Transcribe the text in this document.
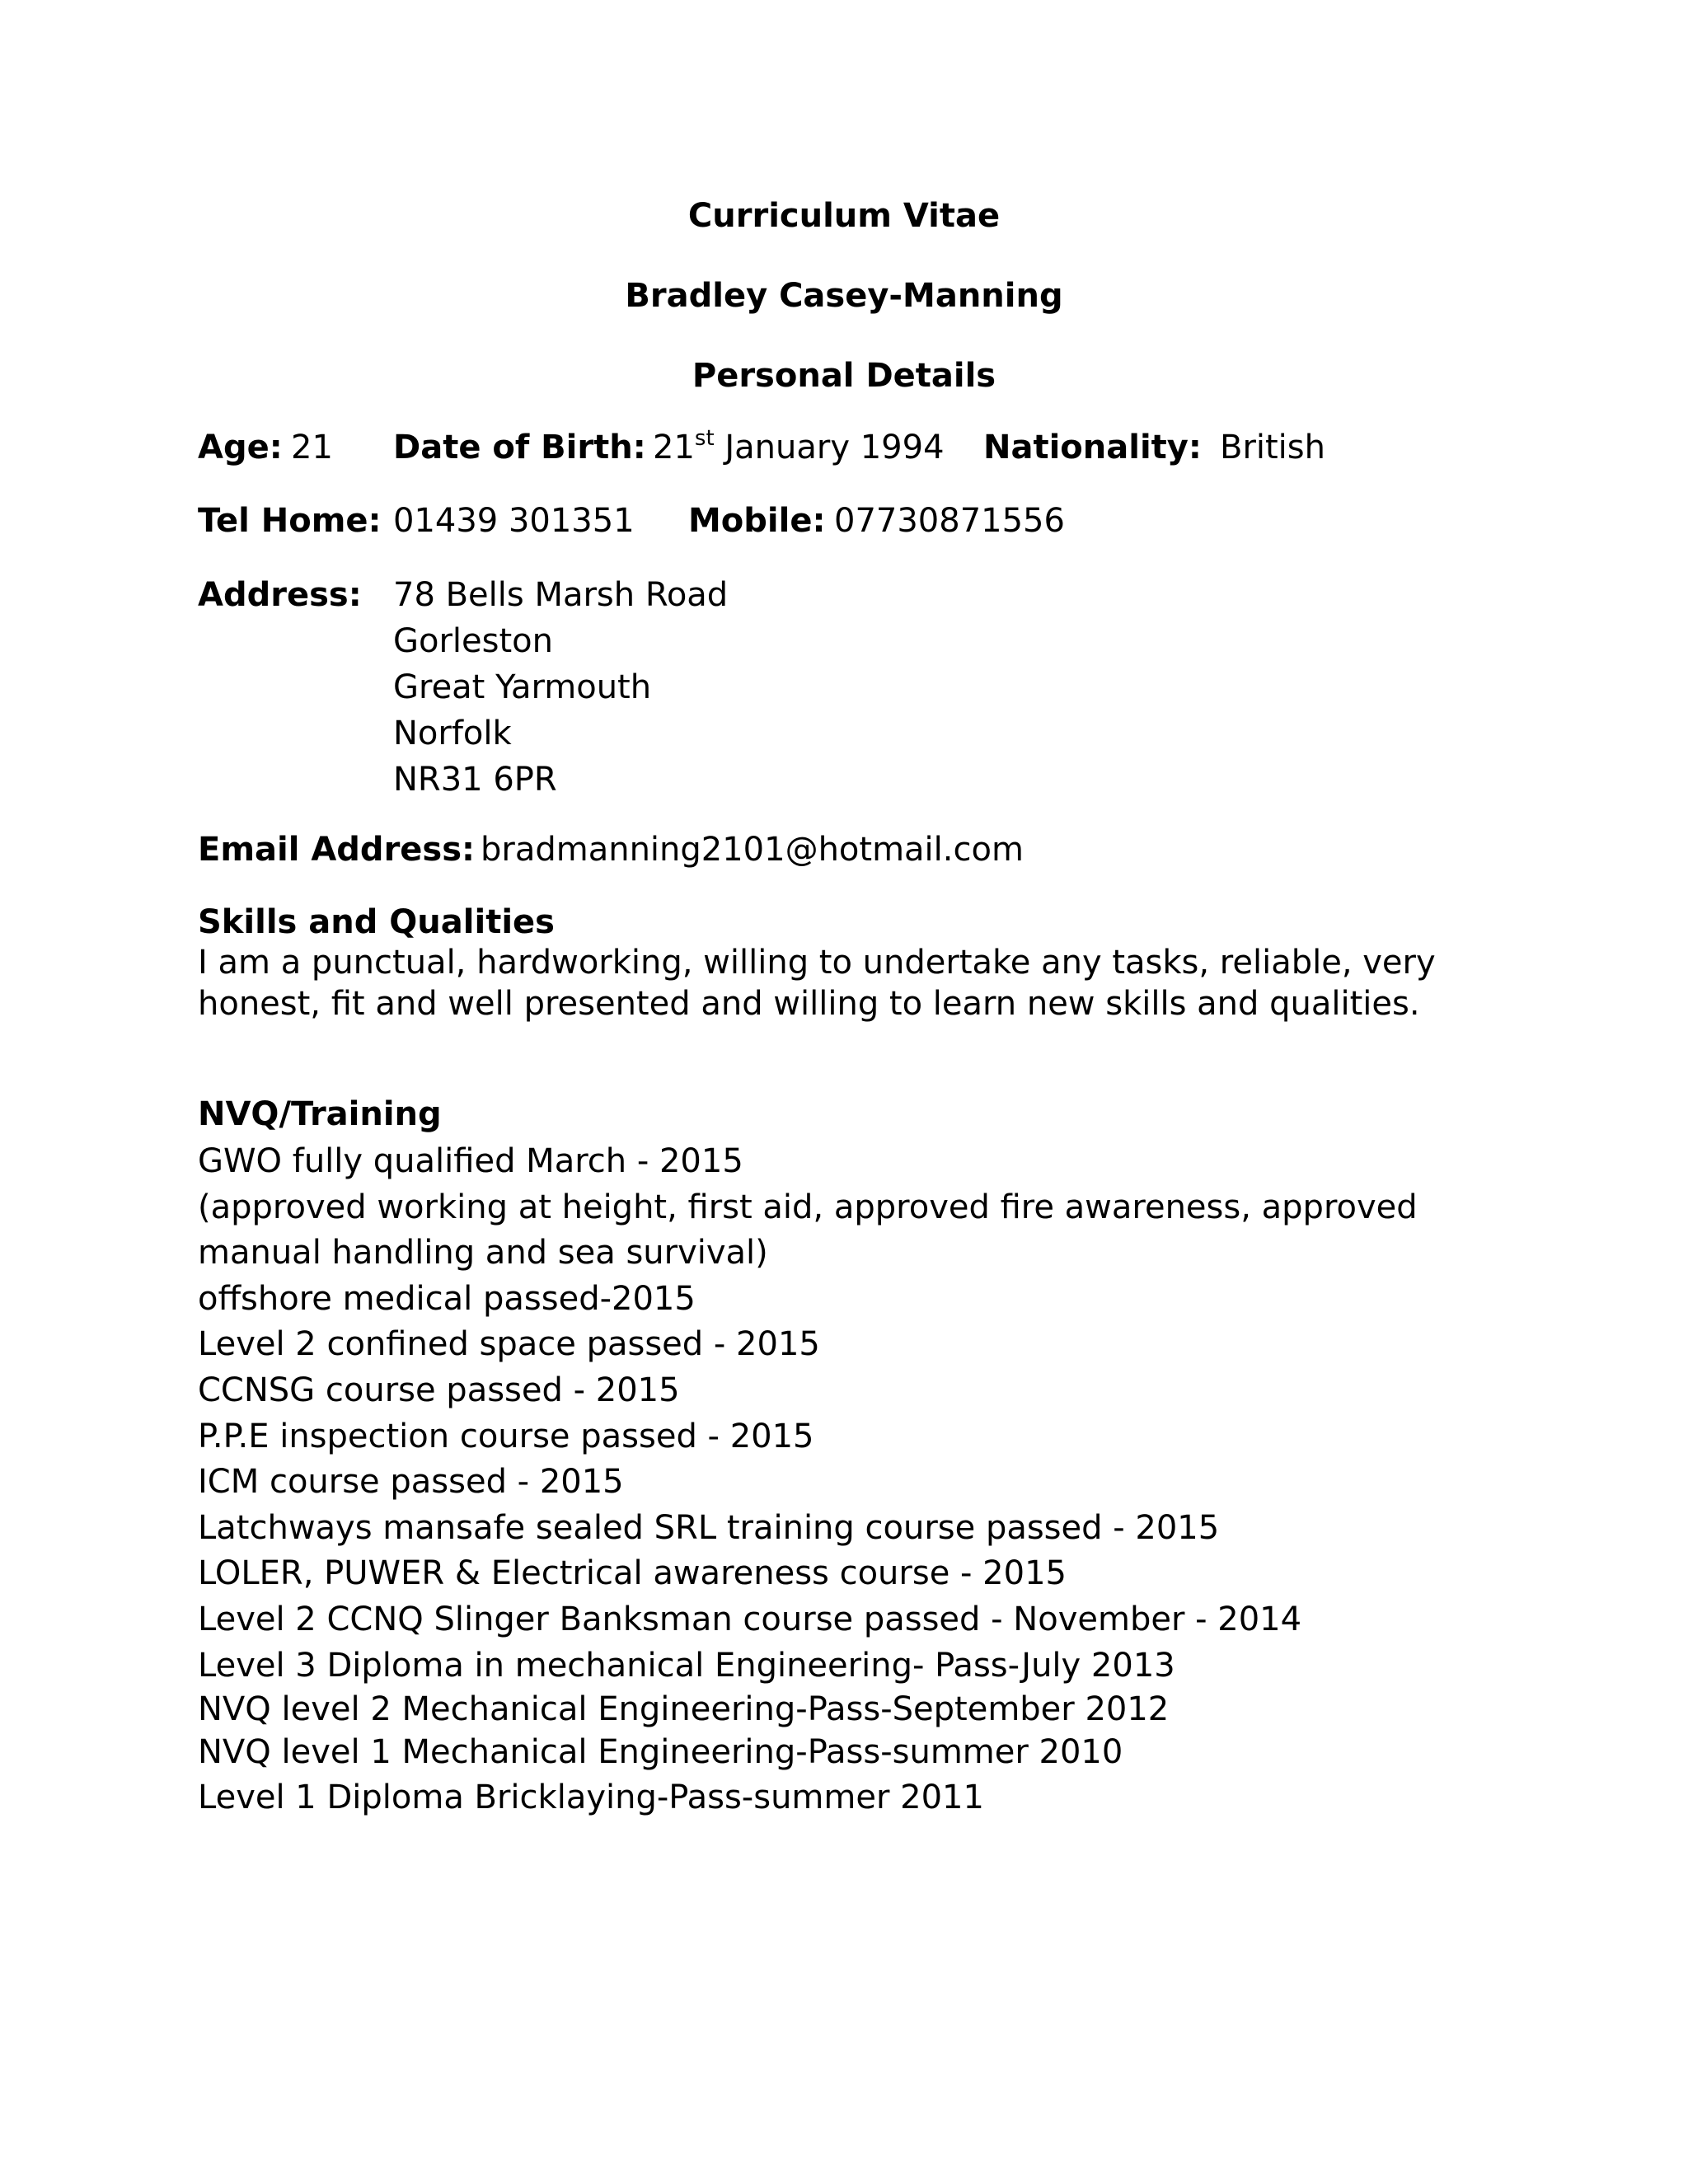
Curriculum Vitae
Bradley Casey-Manning
Personal Details
Age: 21 Date of Birth: 21st January 1994 Nationality: British
Tel Home: 01439 301351 Mobile: 07730871556
Address: 78 Bells Marsh Road
Gorleston
Great Yarmouth
Norfolk
NR31 6PR
Email Address: bradmanning2101@hotmail.com
Skills and Qualities
I am a punctual, hardworking, willing to undertake any tasks, reliable, very
honest, fit and well presented and willing to learn new skills and qualities.
NVQ/Training
GWO fully qualified March - 2015
(approved working at height, first aid, approved fire awareness, approved
manual handling and sea survival)
offshore medical passed-2015
Level 2 confined space passed - 2015
CCNSG course passed - 2015
P.P.E inspection course passed - 2015
ICM course passed - 2015
Latchways mansafe sealed SRL training course passed - 2015
LOLER, PUWER & Electrical awareness course - 2015
Level 2 CCNQ Slinger Banksman course passed - November - 2014
Level 3 Diploma in mechanical Engineering- Pass-July 2013
NVQ level 2 Mechanical Engineering-Pass-September 2012
NVQ level 1 Mechanical Engineering-Pass-summer 2010
Level 1 Diploma Bricklaying-Pass-summer 2011
